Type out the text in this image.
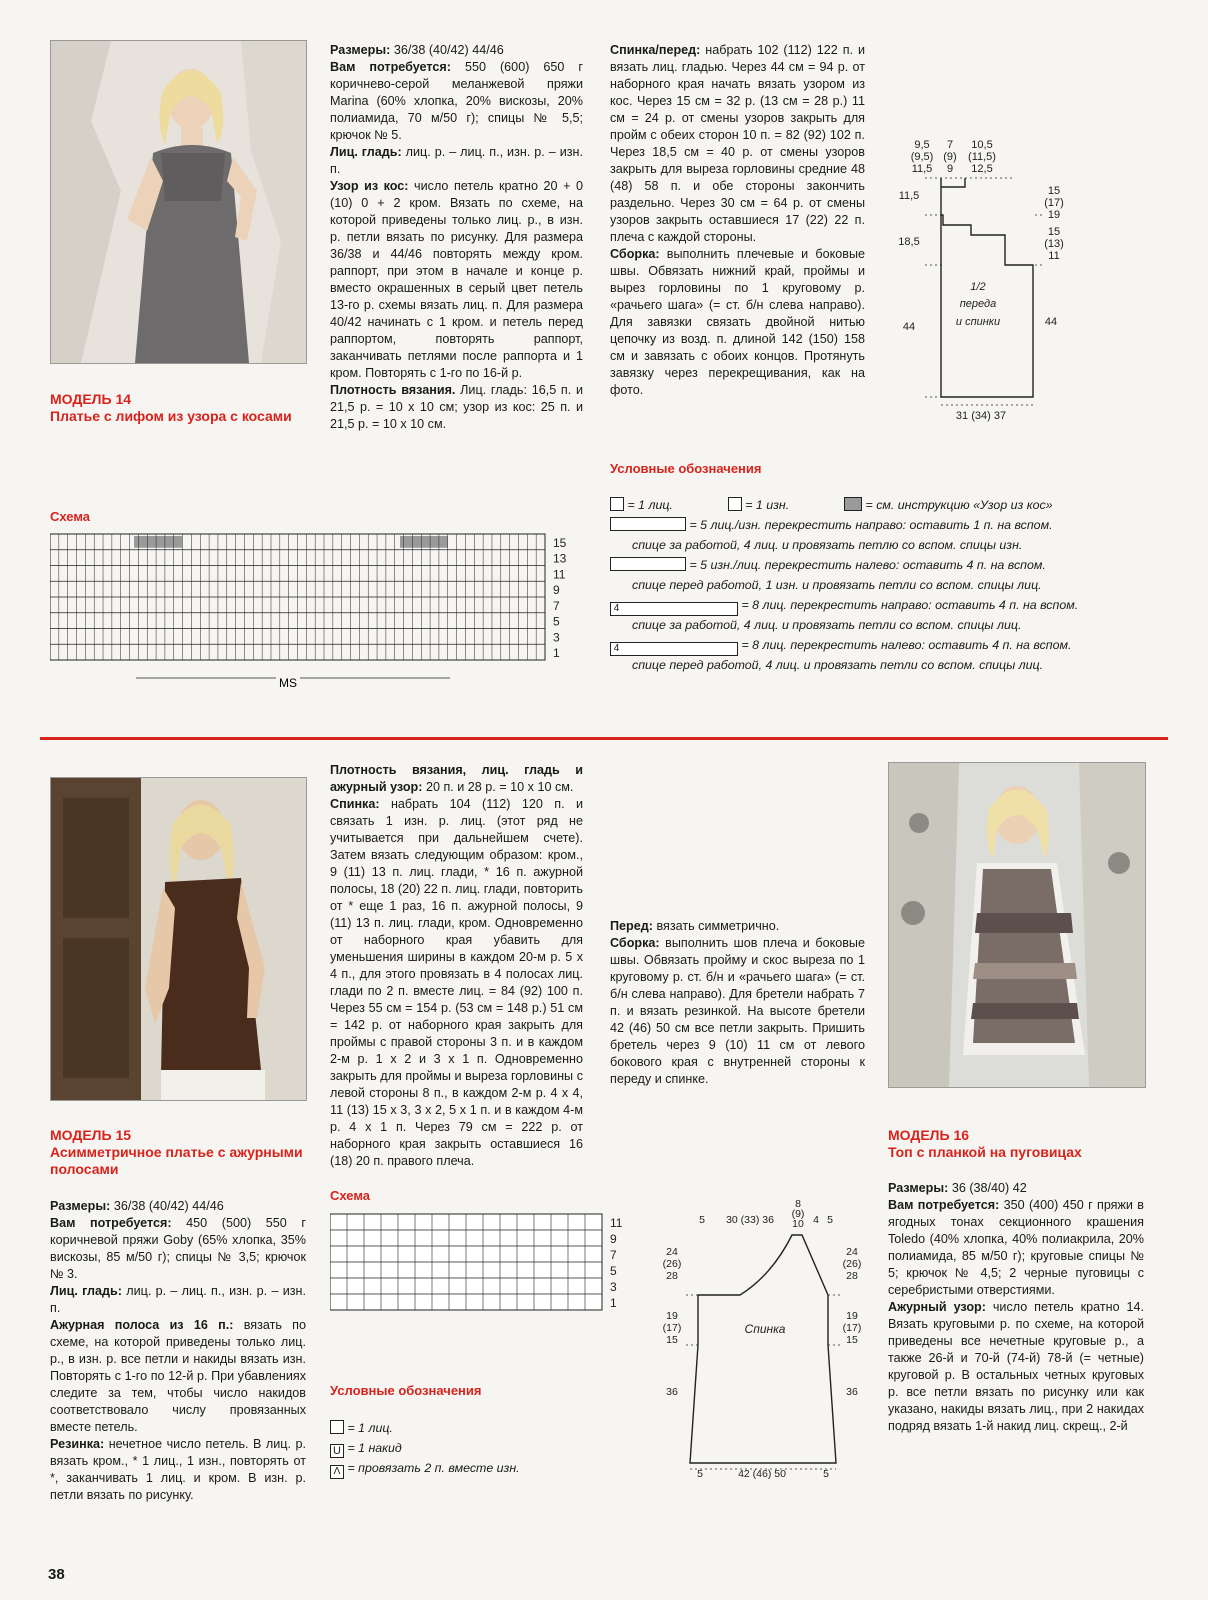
МОДЕЛЬ 14
Платье с лифом из узора с косами

Размеры: 36/38 (40/42) 44/46

Вам потребуется: 550 (600) 650 г коричнево-серой меланжевой пряжи Marina (60% хлопка, 20% вискозы, 20% полиамида, 70 м/50 г); спицы № 5,5; крючок № 5.

Лиц. гладь: лиц. р. – лиц. п., изн. р. – изн. п.

Узор из кос: число петель кратно 20 + 0 (10) 0 + 2 кром. Вязать по схеме, на которой приведены только лиц. р., в изн. р. петли вязать по рисунку. Для размера 36/38 и 44/46 повторять между кром. раппорт, при этом в начале и конце р. вместо окрашенных в серый цвет петель 13-го р. схемы вязать лиц. п. Для размера 40/42 начинать с 1 кром. и петель перед раппортом, повторять раппорт, заканчивать петлями после раппорта и 1 кром. Повторять с 1-го по 16-й р.

Плотность вязания. Лиц. гладь: 16,5 п. и 21,5 р. = 10 х 10 см; узор из кос: 25 п. и 21,5 р. = 10 х 10 см.

Спинка/перед: набрать 102 (112) 122 п. и вязать лиц. гладью. Через 44 см = 94 р. от наборного края начать вязать узором из кос. Через 15 см = 32 р. (13 см = 28 р.) 11 см = 24 р. от смены узоров закрыть для пройм с обеих сторон 10 п. = 82 (92) 102 п. Через 18,5 см = 40 р. от смены узоров закрыть для выреза горловины средние 48 (48) 58 п. и обе стороны закончить раздельно. Через 30 см = 64 р. от смены узоров закрыть оставшиеся 17 (22) 22 п. плеча с каждой стороны.

Сборка: выполнить плечевые и боковые швы. Обвязать нижний край, проймы и вырез горловины по 1 круговому р. «рачьего шага» (= ст. б/н слева направо). Для завязки связать двойной нитью цепочку из возд. п. длиной 142 (150) 158 см и завязать с обоих концов. Протянуть завязку через перекрещивания, как на фото.

9,5
(9,5)
11,5
7
(9)
9
10,5
(11,5)
12,5
11,5
18,5
44
15
(17)
19
15
(13)
11
44
1/2
переда
и спинки
31 (34) 37
Схема
15
13
11
9
7
5
3
1
MS
Условные обозначения
= 1 лиц.	= 1 изн.	= см. инструкцию «Узор из кос»
= 5 лиц./изн. перекрестить направо: оставить 1 п. на вспом.
спице за работой, 4 лиц. и провязать петлю со вспом. спицы изн.
= 5 изн./лиц. перекрестить налево: оставить 4 п. на вспом.
спице перед работой, 1 изн. и провязать петли со вспом. спицы лиц.
4	= 8 лиц. перекрестить направо: оставить 4 п. на вспом.
спице за работой, 4 лиц. и провязать петли со вспом. спицы лиц.
4	= 8 лиц. перекрестить налево: оставить 4 п. на вспом.
спице перед работой, 4 лиц. и провязать петли со вспом. спицы лиц.
МОДЕЛЬ 15
Асимметричное платье с ажурными полосами

Размеры: 36/38 (40/42) 44/46

Вам потребуется: 450 (500) 550 г коричневой пряжи Goby (65% хлопка, 35% вискозы, 85 м/50 г); спицы № 3,5; крючок № 3.

Лиц. гладь: лиц. р. – лиц. п., изн. р. – изн. п.

Ажурная полоса из 16 п.: вязать по схеме, на которой приведены только лиц. р., в изн. р. все петли и накиды вязать изн. Повторять с 1-го по 12-й р. При убавлениях следите за тем, чтобы число накидов соответствовало числу провязанных вместе петель.

Резинка: нечетное число петель. В лиц. р. вязать кром., * 1 лиц., 1 изн., повторять от *, заканчивать 1 лиц. и кром. В изн. р. петли вязать по рисунку.

Плотность вязания, лиц. гладь и ажурный узор: 20 п. и 28 р. = 10 х 10 см.

Спинка: набрать 104 (112) 120 п. и связать 1 изн. р. лиц. (этот ряд не учитывается при дальнейшем счете). Затем вязать следующим образом: кром., 9 (11) 13 п. лиц. глади, * 16 п. ажурной полосы, 18 (20) 22 п. лиц. глади, повторить от * еще 1 раз, 16 п. ажурной полосы, 9 (11) 13 п. лиц. глади, кром. Одновременно от наборного края убавить для уменьшения ширины в каждом 20-м р. 5 х 4 п., для этого провязать в 4 полосах лиц. глади по 2 п. вместе лиц. = 84 (92) 100 п. Через 55 см = 154 р. (53 см = 148 р.) 51 см = 142 р. от наборного края закрыть для проймы с правой стороны 3 п. и в каждом 2-м р. 1 х 2 и 3 х 1 п. Одновременно закрыть для проймы и выреза горловины с левой стороны 8 п., в каждом 2-м р. 4 х 4, 11 (13) 15 х 3, 3 х 2, 5 х 1 п. и в каждом 4-м р. 4 х 1 п. Через 79 см = 222 р. от наборного края закрыть оставшиеся 16 (18) 20 п. правого плеча.

Перед: вязать симметрично.

Сборка: выполнить шов плеча и боковые швы. Обвязать пройму и скос выреза по 1 круговому р. ст. б/н и «рачьего шага» (= ст. б/н слева направо). Для бретели набрать 7 п. и вязать резинкой. На высоте бретели 42 (46) 50 см все петли закрыть. Пришить бретель через 9 (10) 11 см от левого бокового края с внутренней стороны к переду и спинке.

Схема
11
9
7
5
3
1
Условные обозначения
= 1 лиц.
U = 1 накид
Λ = провязать 2 п. вместе изн.
5 30 (33) 36
8
(9)
10 4 5
24
(26)
28
19
(17)
15
36
24
(26)
28
19
(17)
15
36
Спинка
5	42 (46) 50	5
МОДЕЛЬ 16
Топ с планкой на пуговицах

Размеры: 36 (38/40) 42

Вам потребуется: 350 (400) 450 г пряжи в ягодных тонах секционного крашения Toledo (40% хлопка, 40% полиакрила, 20% полиамида, 85 м/50 г); круговые спицы № 5; крючок № 4,5; 2 черные пуговицы с серебристыми отверстиями.

Ажурный узор: число петель кратно 14. Вязать круговыми р. по схеме, на которой приведены все нечетные круговые р., а также 26-й и 70-й (74-й) 78-й (= четные) круговой р. В остальных четных круговых р. все петли вязать по рисунку или как указано, накиды вязать лиц., при 2 накидах подряд вязать 1-й накид лиц. скрещ., 2-й

38
